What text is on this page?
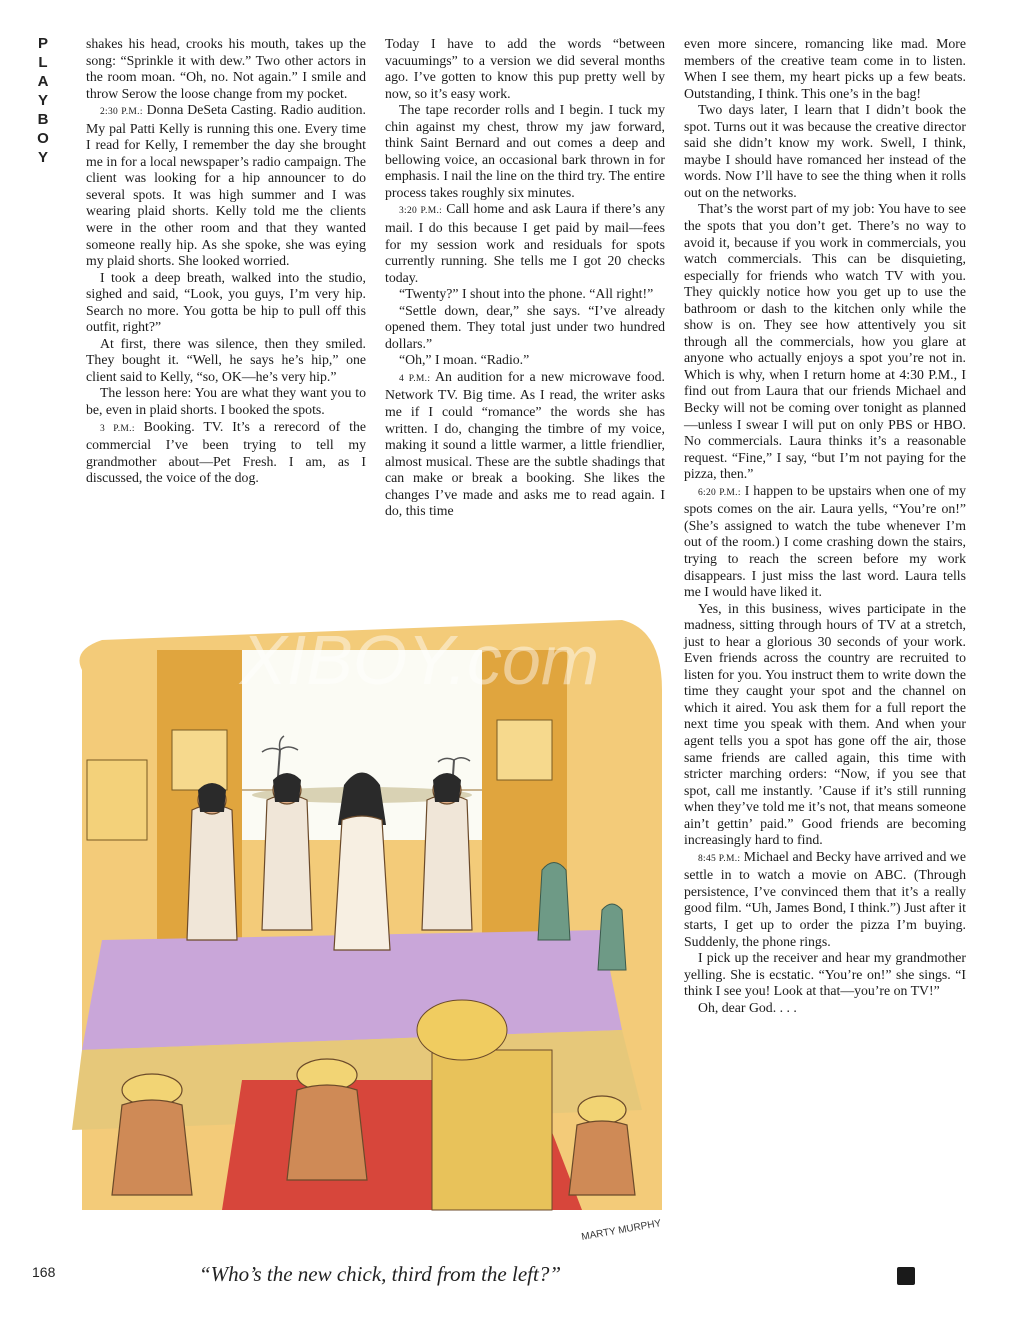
P
L
A
Y
B
O
Y

shakes his head, crooks his mouth, takes up the song: “Sprinkle it with dew.” Two other actors in the room moan. “Oh, no. Not again.” I smile and throw Serow the loose change from my pocket.

2:30 P.M.: Donna DeSeta Casting. Radio audition. My pal Patti Kelly is running this one. Every time I read for Kelly, I remember the day she brought me in for a local newspaper’s radio campaign. The client was looking for a hip announcer to do several spots. It was high summer and I was wearing plaid shorts. Kelly told me the clients were in the other room and that they wanted someone really hip. As she spoke, she was eying my plaid shorts. She looked worried.

I took a deep breath, walked into the studio, sighed and said, “Look, you guys, I’m very hip. Search no more. You gotta be hip to pull off this outfit, right?”

At first, there was silence, then they smiled. They bought it. “Well, he says he’s hip,” one client said to Kelly, “so, OK—he’s very hip.”

The lesson here: You are what they want you to be, even in plaid shorts. I booked the spots.

3 P.M.: Booking. TV. It’s a rerecord of the commercial I’ve been trying to tell my grandmother about—Pet Fresh. I am, as I discussed, the voice of the dog.

Today I have to add the words “between vacuumings” to a version we did several months ago. I’ve gotten to know this pup pretty well by now, so it’s easy work.

The tape recorder rolls and I begin. I tuck my chin against my chest, throw my jaw forward, think Saint Bernard and out comes a deep and bellowing voice, an occasional bark thrown in for emphasis. I nail the line on the third try. The entire process takes roughly six minutes.

3:20 P.M.: Call home and ask Laura if there’s any mail. I do this because I get paid by mail—fees for my session work and residuals for spots currently running. She tells me I got 20 checks today.

“Twenty?” I shout into the phone. “All right!”

“Settle down, dear,” she says. “I’ve already opened them. They total just under two hundred dollars.”

“Oh,” I moan. “Radio.”

4 P.M.: An audition for a new microwave food. Network TV. Big time. As I read, the writer asks me if I could “romance” the words she has written. I do, changing the timbre of my voice, making it sound a little warmer, a little friendlier, almost musical. These are the subtle shadings that can make or break a booking. She likes the changes I’ve made and asks me to read again. I do, this time

even more sincere, romancing like mad. More members of the creative team come in to listen. When I see them, my heart picks up a few beats. Outstanding, I think. This one’s in the bag!

Two days later, I learn that I didn’t book the spot. Turns out it was because the creative director said she didn’t know my work. Swell, I think, maybe I should have romanced her instead of the words. Now I’ll have to see the thing when it rolls out on the networks.

That’s the worst part of my job: You have to see the spots that you don’t get. There’s no way to avoid it, because if you work in commercials, you watch commercials. This can be disquieting, especially for friends who watch TV with you. They quickly notice how you get up to use the bathroom or dash to the kitchen only while the show is on. They see how attentively you sit through all the commercials, how you glare at anyone who actually enjoys a spot you’re not in. Which is why, when I return home at 4:30 P.M., I find out from Laura that our friends Michael and Becky will not be coming over tonight as planned—unless I swear I will put on only PBS or HBO. No commercials. Laura thinks it’s a reasonable request. “Fine,” I say, “but I’m not paying for the pizza, then.”

6:20 P.M.: I happen to be upstairs when one of my spots comes on the air. Laura yells, “You’re on!” (She’s assigned to watch the tube whenever I’m out of the room.) I come crashing down the stairs, trying to reach the screen before my work disappears. I just miss the last word. Laura tells me I would have liked it.

Yes, in this business, wives participate in the madness, sitting through hours of TV at a stretch, just to hear a glorious 30 seconds of your work. Even friends across the country are recruited to listen for you. You instruct them to write down the time they caught your spot and the channel on which it aired. You ask them for a full report the next time you speak with them. And when your agent tells you a spot has gone off the air, those same friends are called again, this time with stricter marching orders: “Now, if you see that spot, call me instantly. ’Cause if it’s still running when they’ve told me it’s not, that means someone ain’t gettin’ paid.” Good friends are becoming increasingly hard to find.

8:45 P.M.: Michael and Becky have arrived and we settle in to watch a movie on ABC. (Through persistence, I’ve convinced them that it’s a really good film. “Uh, James Bond, I think.”) Just after it starts, I get up to order the pizza I’m buying. Suddenly, the phone rings.

I pick up the receiver and hear my grandmother yelling. She is ecstatic. “You’re on!” she sings. “I think I see you! Look at that—you’re on TV!”

Oh, dear God. . . .

MARTY MURPHY
XIBOY.com
“Who’s the new chick, third from the left?”
168
